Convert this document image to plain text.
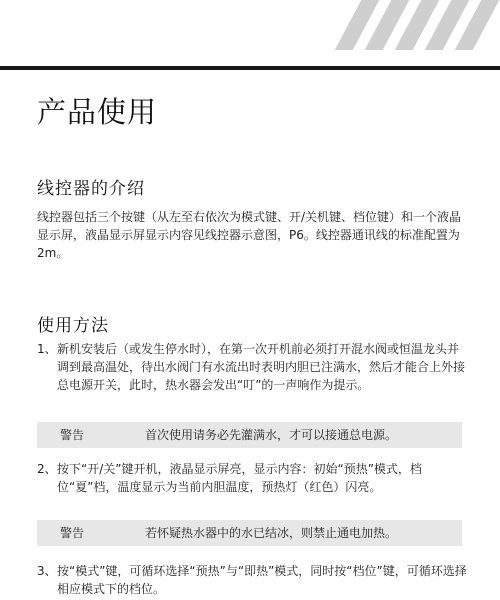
产品使用
线控器的介绍

线控器包括三个按键（从左至右依次为模式键、开/关机键、档位键）和一个液晶显示屏，液晶显示屏显示内容见线控器示意图，P6。线控器通讯线的标准配置为2m。

使用方法
1、 新机安装后（或发生停水时），在第一次开机前必须打开混水阀或恒温龙头并调到最高温处，待出水阀门有水流出时表明内胆已注满水，然后才能合上外接总电源开关，此时，热水器会发出“叮”的一声响作为提示。
警告	首次使用请务必先灌满水，才可以接通总电源。
2、 按下“开/关”键开机，液晶显示屏亮，显示内容：初始“预热”模式，档位“夏”档，温度显示为当前内胆温度，预热灯（红色）闪亮。
警告	若怀疑热水器中的水已结冰，则禁止通电加热。
3、 按“模式”键，可循环选择“预热”与“即热”模式，同时按“档位”键，可循环选择相应模式下的档位。
